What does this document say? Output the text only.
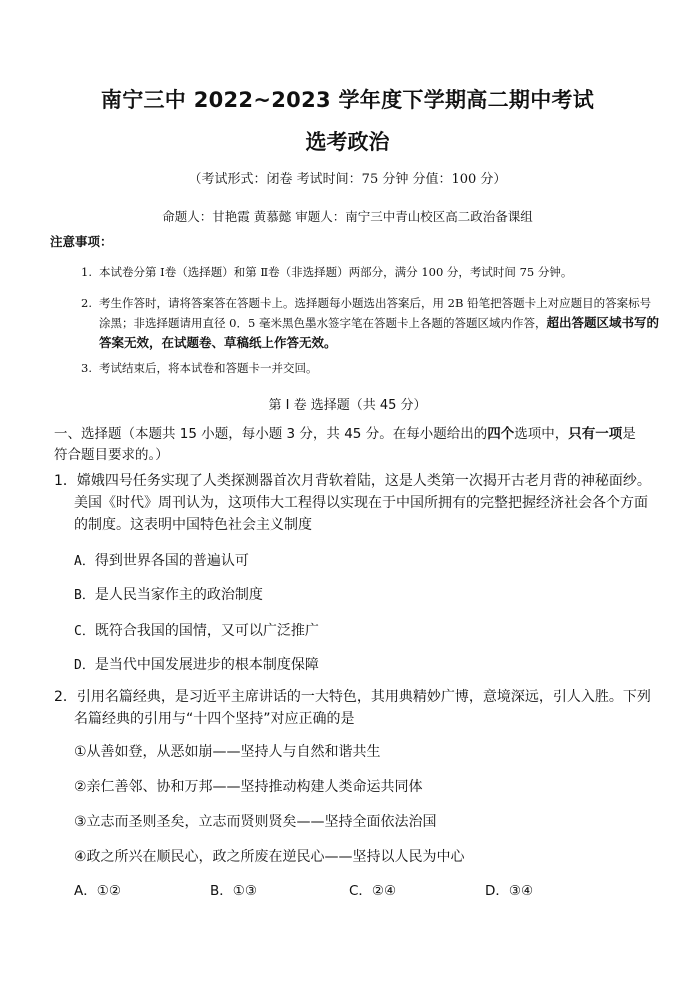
南宁三中 2022~2023 学年度下学期高二期中考试
选考政治
（考试形式：闭卷 考试时间：75 分钟 分值：100 分）
命题人：甘艳霞 黄慕懿 审题人：南宁三中青山校区高二政治备课组
注意事项：
1. 本试卷分第 Ⅰ卷（选择题）和第 Ⅱ卷（非选择题）两部分，满分 100 分，考试时间 75 分钟。
2. 考生作答时，请将答案答在答题卡上。选择题每小题选出答案后，用 2B 铅笔把答题卡上对应题目的答案标号涂黑；非选择题请用直径 0．5 毫米黑色墨水签字笔在答题卡上各题的答题区域内作答，超出答题区域书写的答案无效，在试题卷、草稿纸上作答无效。
3. 考试结束后，将本试卷和答题卡一并交回。
第 Ⅰ 卷 选择题（共 45 分）
一、选择题（本题共 15 小题，每小题 3 分，共 45 分。在每小题给出的四个选项中，只有一项是符合题目要求的。）
1．嫦娥四号任务实现了人类探测器首次月背软着陆，这是人类第一次揭开古老月背的神秘面纱。美国《时代》周刊认为，这项伟大工程得以实现在于中国所拥有的完整把握经济社会各个方面的制度。这表明中国特色社会主义制度
A．得到世界各国的普遍认可
B．是人民当家作主的政治制度
C．既符合我国的国情，又可以广泛推广
D．是当代中国发展进步的根本制度保障
2．引用名篇经典，是习近平主席讲话的一大特色，其用典精妙广博，意境深远，引人入胜。下列名篇经典的引用与“十四个坚持”对应正确的是
①从善如登，从恶如崩——坚持人与自然和谐共生
②亲仁善邻、协和万邦——坚持推动构建人类命运共同体
③立志而圣则圣矣，立志而贤则贤矣——坚持全面依法治国
④政之所兴在顺民心，政之所废在逆民心——坚持以人民为中心
A．①②	B．①③	C．②④	D．③④
